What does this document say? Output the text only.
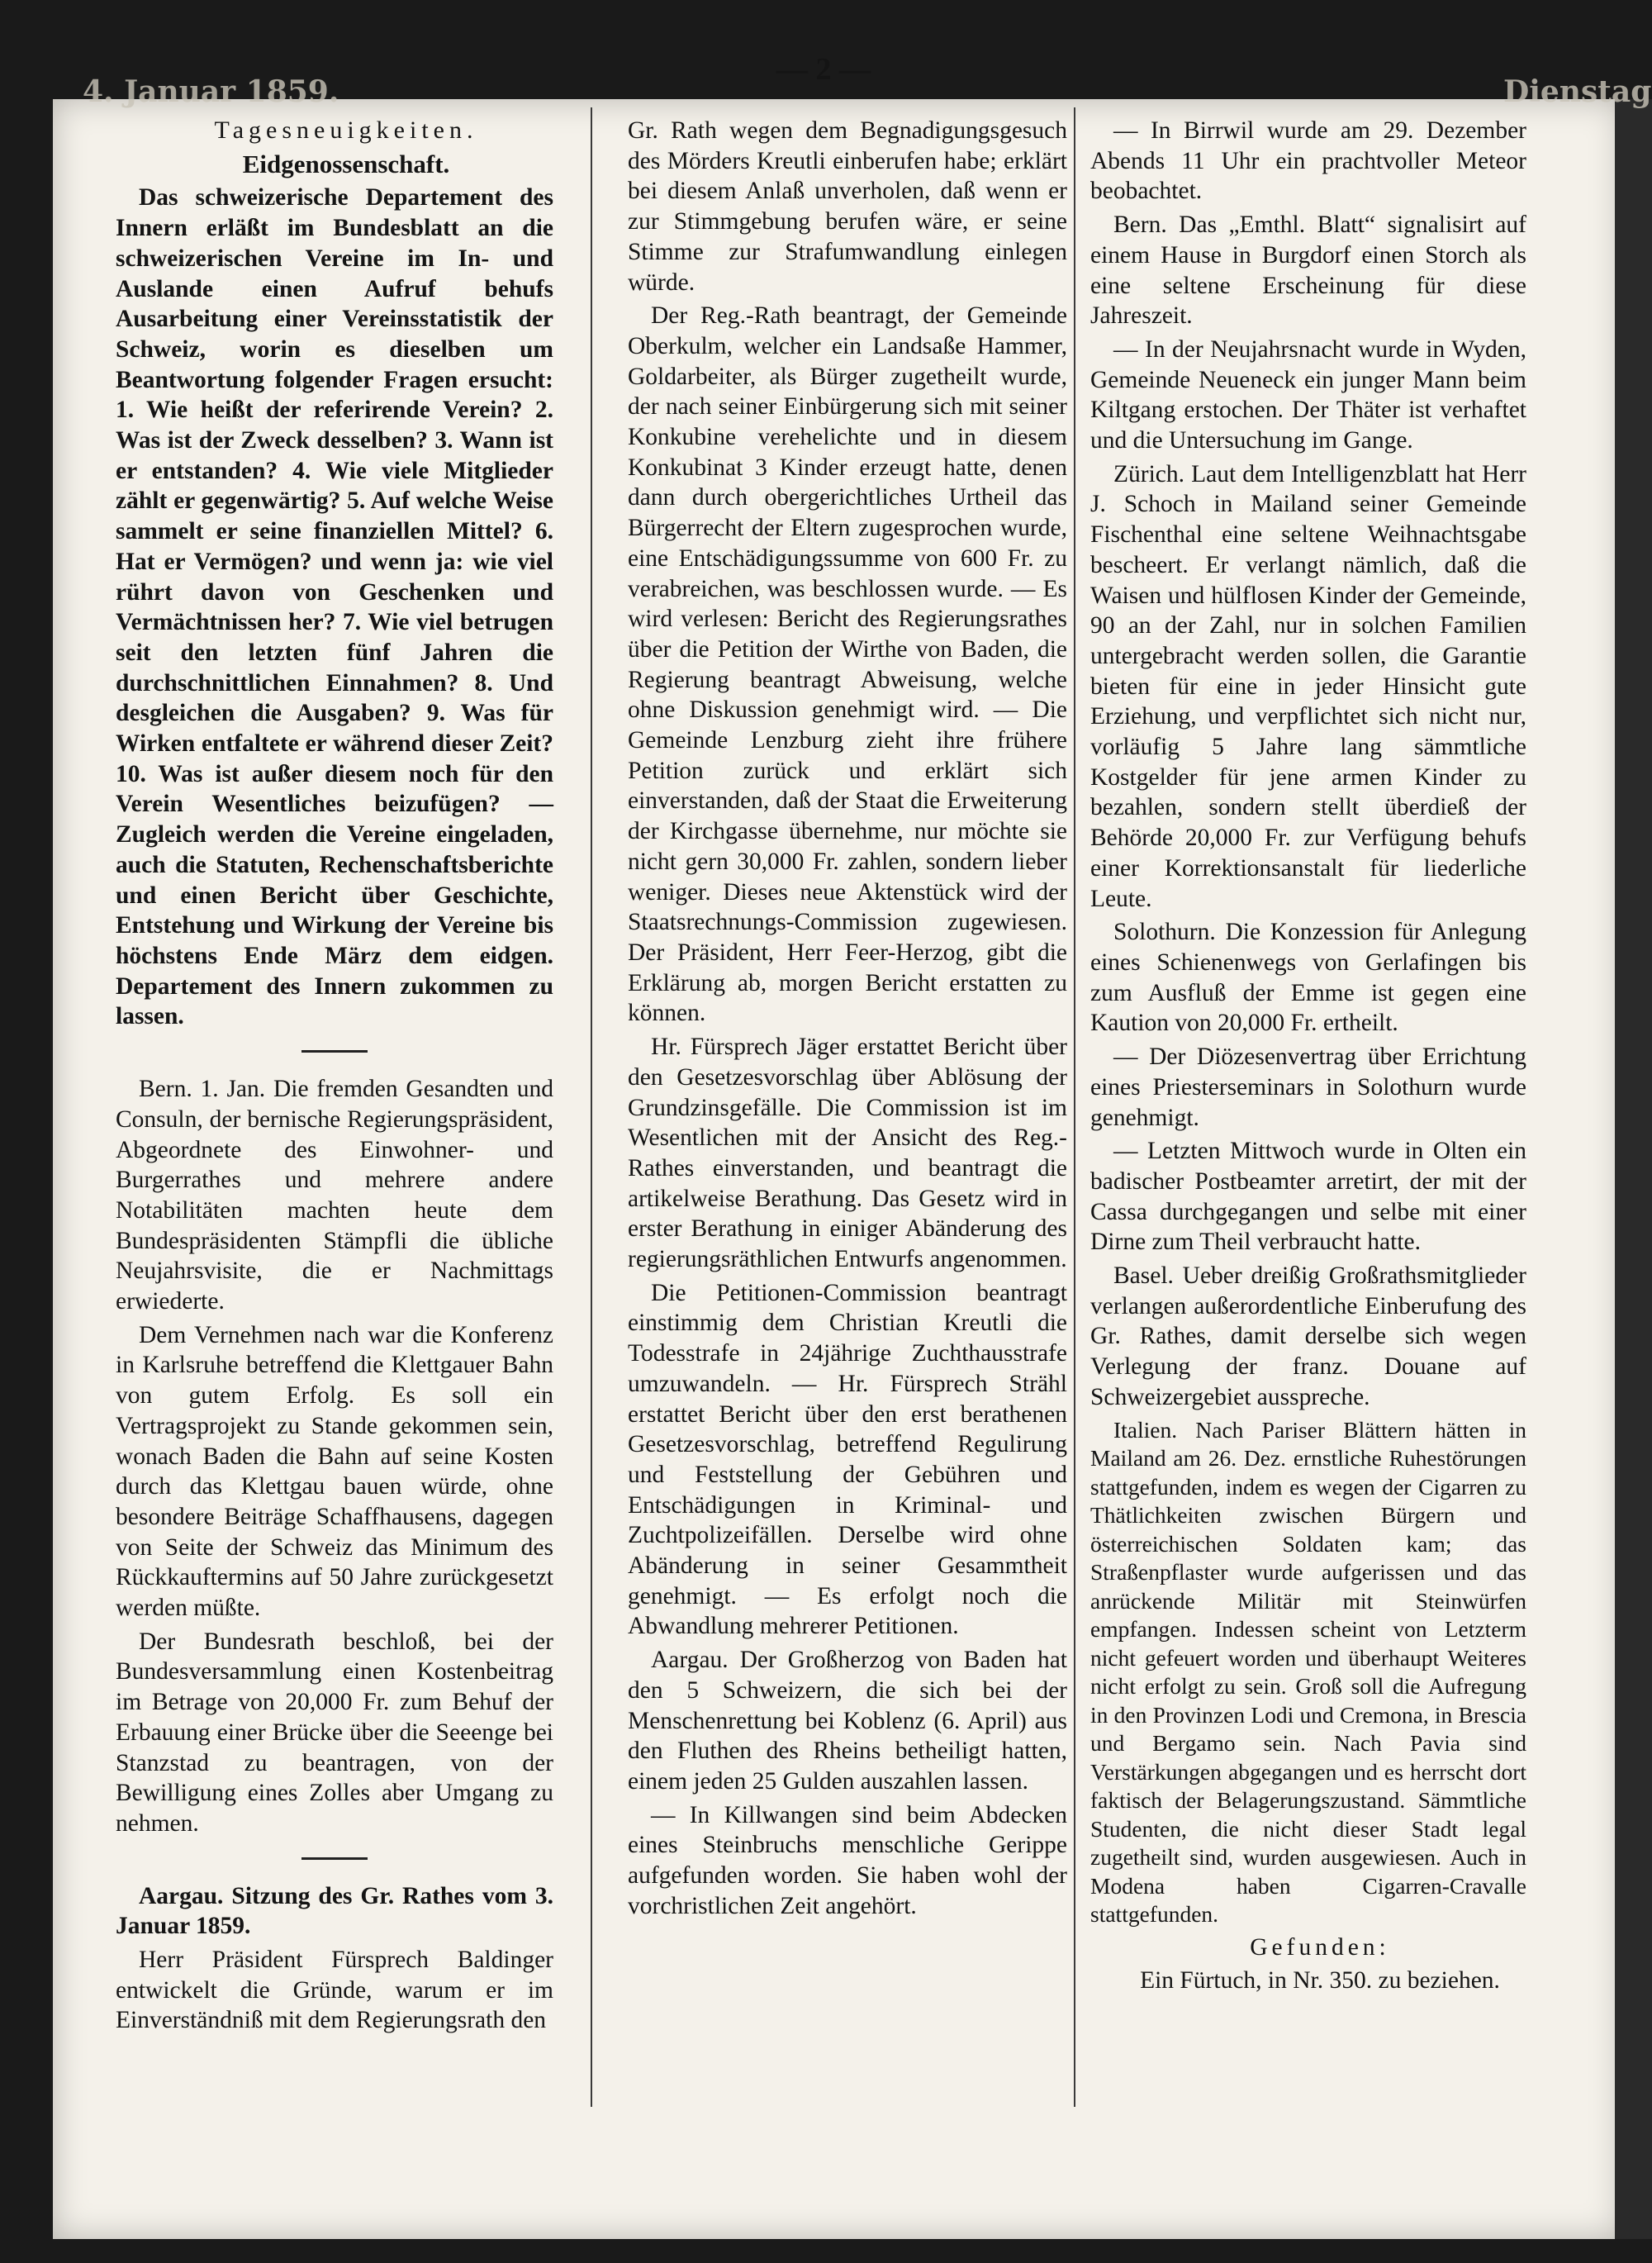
4. Januar 1859.	Dienstag
— 2 —

Tagesneuigkeiten.

Eidgenossenschaft.

Das schweizerische Departement des Innern erläßt im Bundesblatt an die schweizerischen Vereine im In- und Auslande einen Aufruf behufs Ausarbeitung einer Vereinsstatistik der Schweiz, worin es dieselben um Beantwortung folgender Fragen ersucht: 1. Wie heißt der referirende Verein? 2. Was ist der Zweck desselben? 3. Wann ist er entstanden? 4. Wie viele Mitglieder zählt er gegenwärtig? 5. Auf welche Weise sammelt er seine finanziellen Mittel? 6. Hat er Vermögen? und wenn ja: wie viel rührt davon von Geschenken und Vermächtnissen her? 7. Wie viel betrugen seit den letzten fünf Jahren die durchschnittlichen Einnahmen? 8. Und desgleichen die Ausgaben? 9. Was für Wirken entfaltete er während dieser Zeit? 10. Was ist außer diesem noch für den Verein Wesentliches beizufügen? — Zugleich werden die Vereine eingeladen, auch die Statuten, Rechenschaftsberichte und einen Bericht über Geschichte, Entstehung und Wirkung der Vereine bis höchstens Ende März dem eidgen. Departement des Innern zukommen zu lassen.

Bern. 1. Jan. Die fremden Gesandten und Consuln, der bernische Regierungspräsident, Abgeordnete des Einwohner- und Burgerrathes und mehrere andere Notabilitäten machten heute dem Bundespräsidenten Stämpfli die übliche Neujahrsvisite, die er Nachmittags erwiederte.

Dem Vernehmen nach war die Konferenz in Karlsruhe betreffend die Klettgauer Bahn von gutem Erfolg. Es soll ein Vertragsprojekt zu Stande gekommen sein, wonach Baden die Bahn auf seine Kosten durch das Klettgau bauen würde, ohne besondere Beiträge Schaffhausens, dagegen von Seite der Schweiz das Minimum des Rückkauftermins auf 50 Jahre zurückgesetzt werden müßte.

Der Bundesrath beschloß, bei der Bundesversammlung einen Kostenbeitrag im Betrage von 20,000 Fr. zum Behuf der Erbauung einer Brücke über die Seeenge bei Stanzstad zu beantragen, von der Bewilligung eines Zolles aber Umgang zu nehmen.

Aargau. Sitzung des Gr. Rathes vom 3. Januar 1859.

Herr Präsident Fürsprech Baldinger entwickelt die Gründe, warum er im Einverständniß mit dem Regierungsrath den

Gr. Rath wegen dem Begnadigungsgesuch des Mörders Kreutli einberufen habe; erklärt bei diesem Anlaß unverholen, daß wenn er zur Stimmgebung berufen wäre, er seine Stimme zur Strafumwandlung einlegen würde.

Der Reg.-Rath beantragt, der Gemeinde Oberkulm, welcher ein Landsaße Hammer, Goldarbeiter, als Bürger zugetheilt wurde, der nach seiner Einbürgerung sich mit seiner Konkubine verehelichte und in diesem Konkubinat 3 Kinder erzeugt hatte, denen dann durch obergerichtliches Urtheil das Bürgerrecht der Eltern zugesprochen wurde, eine Entschädigungssumme von 600 Fr. zu verabreichen, was beschlossen wurde. — Es wird verlesen: Bericht des Regierungsrathes über die Petition der Wirthe von Baden, die Regierung beantragt Abweisung, welche ohne Diskussion genehmigt wird. — Die Gemeinde Lenzburg zieht ihre frühere Petition zurück und erklärt sich einverstanden, daß der Staat die Erweiterung der Kirchgasse übernehme, nur möchte sie nicht gern 30,000 Fr. zahlen, sondern lieber weniger. Dieses neue Aktenstück wird der Staatsrechnungs-Commission zugewiesen. Der Präsident, Herr Feer-Herzog, gibt die Erklärung ab, morgen Bericht erstatten zu können.

Hr. Fürsprech Jäger erstattet Bericht über den Gesetzesvorschlag über Ablösung der Grundzinsgefälle. Die Commission ist im Wesentlichen mit der Ansicht des Reg.-Rathes einverstanden, und beantragt die artikelweise Berathung. Das Gesetz wird in erster Berathung in einiger Abänderung des regierungsräthlichen Entwurfs angenommen.

Die Petitionen-Commission beantragt einstimmig dem Christian Kreutli die Todesstrafe in 24jährige Zuchthausstrafe umzuwandeln. — Hr. Fürsprech Strähl erstattet Bericht über den erst berathenen Gesetzesvorschlag, betreffend Regulirung und Feststellung der Gebühren und Entschädigungen in Kriminal- und Zuchtpolizeifällen. Derselbe wird ohne Abänderung in seiner Gesammtheit genehmigt. — Es erfolgt noch die Abwandlung mehrerer Petitionen.

Aargau. Der Großherzog von Baden hat den 5 Schweizern, die sich bei der Menschenrettung bei Koblenz (6. April) aus den Fluthen des Rheins betheiligt hatten, einem jeden 25 Gulden auszahlen lassen.

— In Killwangen sind beim Abdecken eines Steinbruchs menschliche Gerippe aufgefunden worden. Sie haben wohl der vorchristlichen Zeit angehört.

— In Birrwil wurde am 29. Dezember Abends 11 Uhr ein prachtvoller Meteor beobachtet.

Bern. Das „Emthl. Blatt“ signalisirt auf einem Hause in Burgdorf einen Storch als eine seltene Erscheinung für diese Jahreszeit.

— In der Neujahrsnacht wurde in Wyden, Gemeinde Neueneck ein junger Mann beim Kiltgang erstochen. Der Thäter ist verhaftet und die Untersuchung im Gange.

Zürich. Laut dem Intelligenzblatt hat Herr J. Schoch in Mailand seiner Gemeinde Fischenthal eine seltene Weihnachtsgabe bescheert. Er verlangt nämlich, daß die Waisen und hülflosen Kinder der Gemeinde, 90 an der Zahl, nur in solchen Familien untergebracht werden sollen, die Garantie bieten für eine in jeder Hinsicht gute Erziehung, und verpflichtet sich nicht nur, vorläufig 5 Jahre lang sämmtliche Kostgelder für jene armen Kinder zu bezahlen, sondern stellt überdieß der Behörde 20,000 Fr. zur Verfügung behufs einer Korrektionsanstalt für liederliche Leute.

Solothurn. Die Konzession für Anlegung eines Schienenwegs von Gerlafingen bis zum Ausfluß der Emme ist gegen eine Kaution von 20,000 Fr. ertheilt.

— Der Diözesenvertrag über Errichtung eines Priesterseminars in Solothurn wurde genehmigt.

— Letzten Mittwoch wurde in Olten ein badischer Postbeamter arretirt, der mit der Cassa durchgegangen und selbe mit einer Dirne zum Theil verbraucht hatte.

Basel. Ueber dreißig Großrathsmitglieder verlangen außerordentliche Einberufung des Gr. Rathes, damit derselbe sich wegen Verlegung der franz. Douane auf Schweizergebiet ausspreche.

Italien. Nach Pariser Blättern hätten in Mailand am 26. Dez. ernstliche Ruhestörungen stattgefunden, indem es wegen der Cigarren zu Thätlichkeiten zwischen Bürgern und österreichischen Soldaten kam; das Straßenpflaster wurde aufgerissen und das anrückende Militär mit Steinwürfen empfangen. Indessen scheint von Letzterm nicht gefeuert worden und überhaupt Weiteres nicht erfolgt zu sein. Groß soll die Aufregung in den Provinzen Lodi und Cremona, in Brescia und Bergamo sein. Nach Pavia sind Verstärkungen abgegangen und es herrscht dort faktisch der Belagerungszustand. Sämmtliche Studenten, die nicht dieser Stadt legal zugetheilt sind, wurden ausgewiesen. Auch in Modena haben Cigarren-Cravalle stattgefunden.

Gefunden:

Ein Fürtuch, in Nr. 350. zu beziehen.
